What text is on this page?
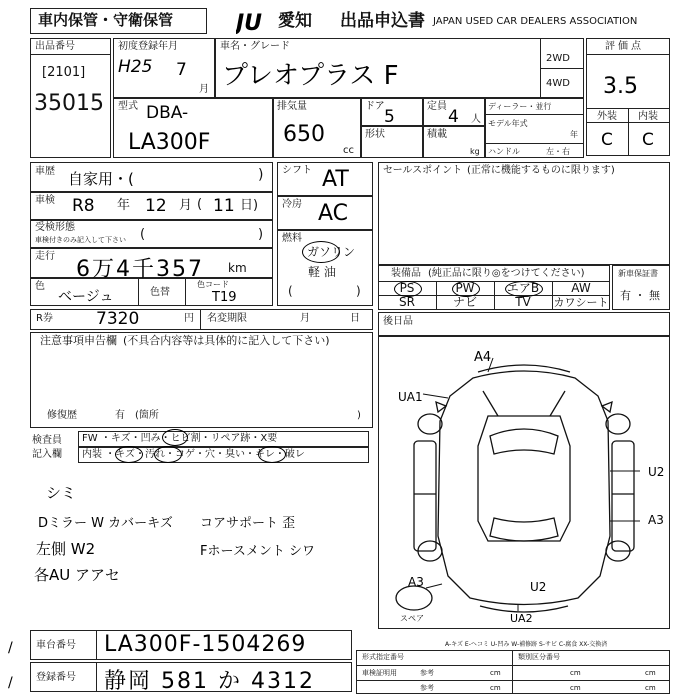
車内保管・守衛保管	JU 愛知 出品申込書 JAPAN USED CAR DEALERS ASSOCIATION
出品番号
[2101]
35015
初度登録年月
H25 7
月
車名・グレード
プレオプラス F
2WD
4WD
評価点
3.5
外装 内装
C C
型式 DBA-
LA300F
排気量
650
cc
ドア
5
定員
4 人
形状	積載
kg
ディーラー・並行
モデル年式
年
ハンドル	左・右
車歴 自家用・(	)
車検 R8 年 12 月 ( 11 日)
受検形態
車検付きのみ記入して下さい (	)
走行
6万4千357 km
色
ベージュ	色替
色コード
T19
シフト AT
冷房 AC
燃料
ガソリン
軽 油
(	)
セールスポイント (正常に機能するものに限ります)
装備品 (純正品に限り◎をつけてください)
PS	PW	エアB	AW
SR	ナビ	TV	カワシート
新車保証書
有 ・ 無
R券	7320	円 名変期限	月	日 後日品
注意事項申告欄 (不具合内容等は具体的に記入して下さい)
修復歴	有 (箇所	)
検査員
記入欄
FW ・キズ・凹み・ヒビ割・リペア跡・X要
内装 ・キズ・汚れ・コゲ・穴・臭い・キレ・破レ
シミ
Dミラー W カバーキズ コアサポート 歪
左側 W2	Fホースメント シワ
各AU アアセ
A4
UA1
U2
A3
A3	U2
UA2
スペア
A-キズ E-ヘコミ U-凹み W-補修跡 S-サビ C-腐食 XX-交換済
車台番号 LA300F-1504269
登録番号 静岡 581 か 4312
/
/
形式指定番号	類別区分番号
車検証明用	参考
参考
cm
cm
cm	cm
cm	cm
